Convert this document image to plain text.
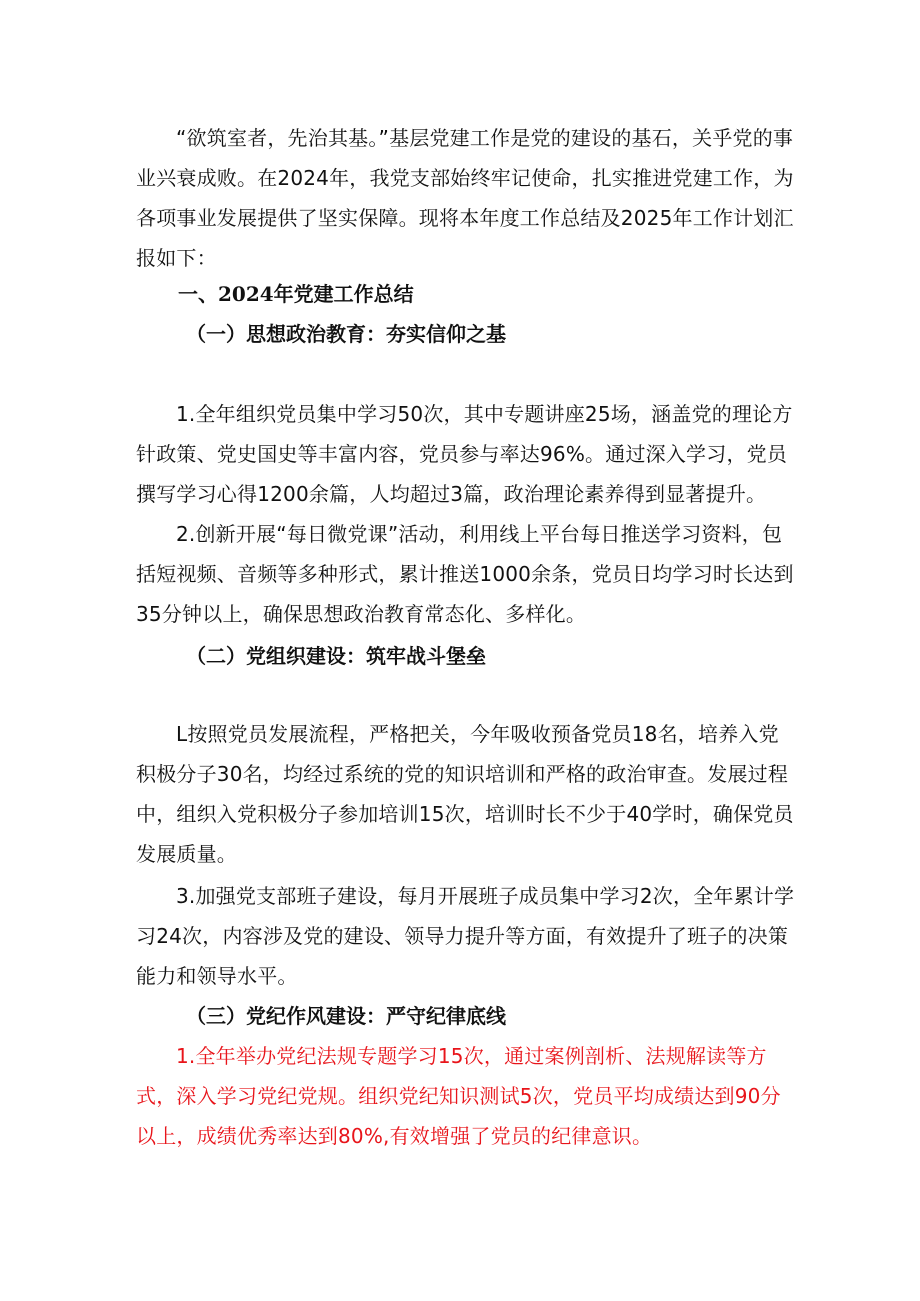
“欲筑室者，先治其基。”基层党建工作是党的建设的基石，关乎党的事业兴衰成败。在2024年，我党支部始终牢记使命，扎实推进党建工作，为各项事业发展提供了坚实保障。现将本年度工作总结及2025年工作计划汇报如下：

一、2024年党建工作总结

（一）思想政治教育：夯实信仰之基

1.全年组织党员集中学习50次，其中专题讲座25场，涵盖党的理论方针政策、党史国史等丰富内容，党员参与率达96%。通过深入学习，党员撰写学习心得1200余篇，人均超过3篇，政治理论素养得到显著提升。

2.创新开展“每日微党课”活动，利用线上平台每日推送学习资料，包括短视频、音频等多种形式，累计推送1000余条，党员日均学习时长达到35分钟以上，确保思想政治教育常态化、多样化。

（二）党组织建设：筑牢战斗堡垒

L按照党员发展流程，严格把关，今年吸收预备党员18名，培养入党积极分子30名，均经过系统的党的知识培训和严格的政治审查。发展过程中，组织入党积极分子参加培训15次，培训时长不少于40学时，确保党员发展质量。

3.加强党支部班子建设，每月开展班子成员集中学习2次，全年累计学习24次，内容涉及党的建设、领导力提升等方面，有效提升了班子的决策能力和领导水平。

（三）党纪作风建设：严守纪律底线

1.全年举办党纪法规专题学习15次，通过案例剖析、法规解读等方式，深入学习党纪党规。组织党纪知识测试5次，党员平均成绩达到90分以上，成绩优秀率达到80%,有效增强了党员的纪律意识。
